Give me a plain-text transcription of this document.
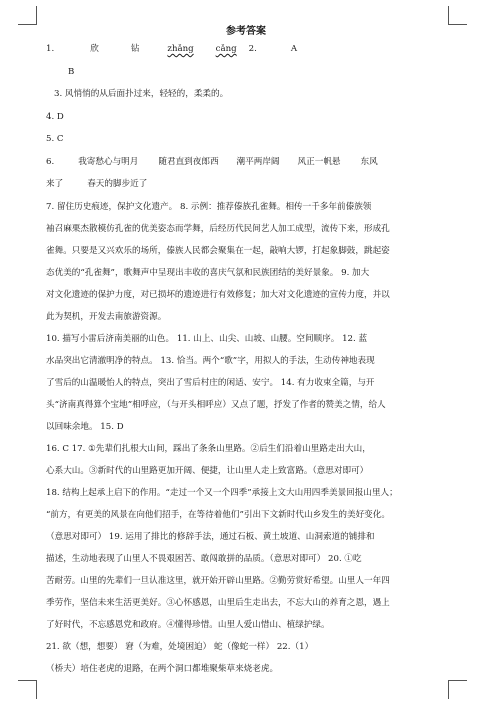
参考答案
1.	欣	钻	zhǎng	cǎng 2.	A
B
3. 风悄悄的从后面扑过来，轻轻的，柔柔的。
4. D
5. C
6.	我寄愁心与明月 随君直到夜郎西 潮平两岸阔 风正一帆悬 东风
来了	春天的脚步近了
7. 留住历史痕迹，保护文化遗产。 8. 示例：推荐傣族孔雀舞。相传一千多年前傣族领
袖召麻栗杰散模仿孔雀的优美姿态而学舞，后经历代民间艺人加工成型，流传下来，形成孔
雀舞。只要是又兴欢乐的场所，傣族人民都会聚集在一起，敲响大锣，打起象脚鼓，跳起姿
态优美的“孔雀舞”，歌舞声中呈现出丰收的喜庆气氛和民族团结的美好景象。 9. 加大
对文化遗迹的保护力度，对已损坏的遗迹进行有效修复；加大对文化遗迹的宣传力度，并以
此为契机，开发去南旅游资源。
10. 描写小雷后济南美丽的山色。 11. 山上、山尖、山坡、山腰。空间顺序。 12. 蓝
水品突出它清澈明净的特点。 13. 恰当。两个“歌”字，用拟人的手法，生动传神地表现
了雪后的山温暖怡人的特点，突出了雪后村庄的闲适、安宁。 14. 有力收束全篇，与开
头“济南真得算个宝地”相呼应，（与开头相呼应）又点了题，抒发了作者的赞美之情，给人
以回味余地。 15. D
16. C 17. ①先辈们扎根大山间，踩出了条条山里路。②后生们沿着山里路走出大山，
心系大山。③新时代的山里路更加开阔、便捷，让山里人走上致富路。（意思对即可）
18. 结构上起承上启下的作用。“走过一个又一个四季”承接上文大山用四季美景回报山里人；
“前方，有更美的风景在向他们招手，在等待着他们”引出下文新时代山乡发生的美好变化。
（意思对即可） 19. 运用了排比的修辞手法，通过石板、黄土坡道、山洞索道的铺排和
描述，生动地表现了山里人不畏艰困苦、敢闯敢拼的品质。（意思对即可） 20. ①吃
苦耐劳。山里的先辈们一旦认准这里，就开始开辟山里路。②勤劳赏好希望。山里人一年四
季劳作，坚信未来生活更美好。③心怀感恩，山里后生走出去，不忘大山的养育之恩，遇上
了好时代，不忘感恩党和政府。④懂得珍惜。山里人爱山惜山、植绿护绿。
21. 欲（想，想要） 窘（为难，处境困迫） 蛇（像蛇一样） 22.（1）
（桥夫）培住老虎的退路，在两个洞口都堆聚柴草来烧老虎。
